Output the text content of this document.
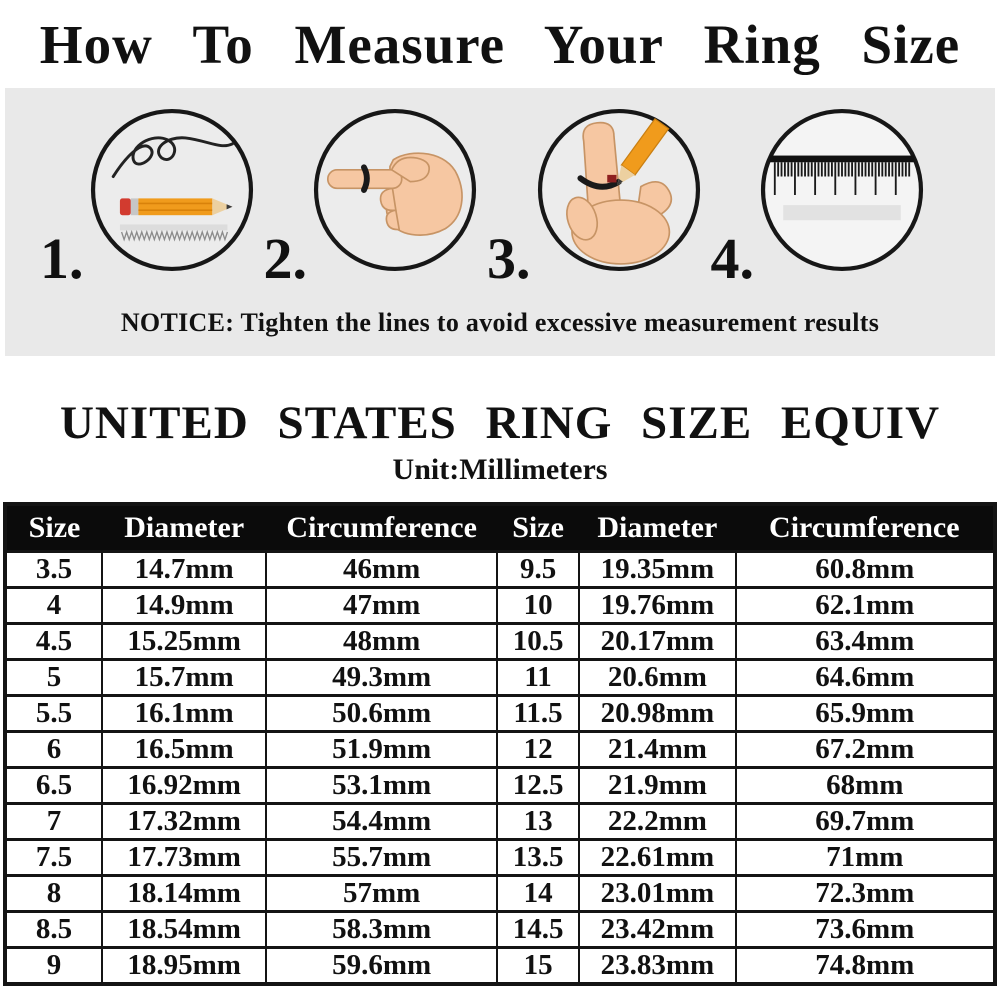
How To Measure Your Ring Size
1.	2.	3.	4.
NOTICE: Tighten the lines to avoid excessive measurement results
UNITED STATES RING SIZE EQUIV
Unit:Millimeters
Size	Diameter	Circumference	Size	Diameter	Circumference
3.5	14.7mm	46mm	9.5	19.35mm	60.8mm
4	14.9mm	47mm	10	19.76mm	62.1mm
4.5	15.25mm	48mm	10.5	20.17mm	63.4mm
5	15.7mm	49.3mm	11	20.6mm	64.6mm
5.5	16.1mm	50.6mm	11.5	20.98mm	65.9mm
6	16.5mm	51.9mm	12	21.4mm	67.2mm
6.5	16.92mm	53.1mm	12.5	21.9mm	68mm
7	17.32mm	54.4mm	13	22.2mm	69.7mm
7.5	17.73mm	55.7mm	13.5	22.61mm	71mm
8	18.14mm	57mm	14	23.01mm	72.3mm
8.5	18.54mm	58.3mm	14.5	23.42mm	73.6mm
9	18.95mm	59.6mm	15	23.83mm	74.8mm
